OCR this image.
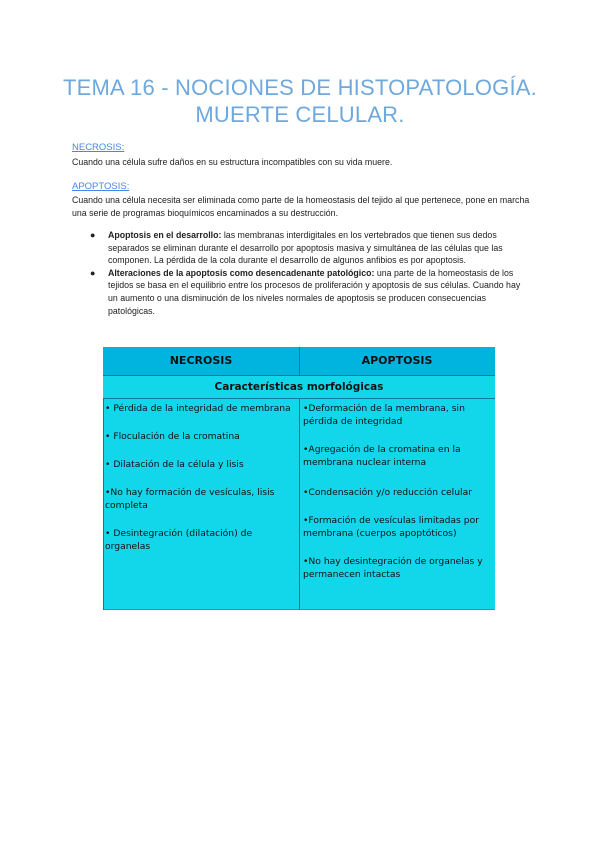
TEMA 16 - NOCIONES DE HISTOPATOLOGÍA.
MUERTE CELULAR.
NECROSIS:
Cuando una célula sufre daños en su estructura incompatibles con su vida muere.
APOPTOSIS:
Cuando una célula necesita ser eliminada como parte de la homeostasis del tejido al que pertenece, pone en marcha una serie de programas bioquímicos encaminados a su destrucción.
● Apoptosis en el desarrollo: las membranas interdigitales en los vertebrados que tienen sus dedos separados se eliminan durante el desarrollo por apoptosis masiva y simultánea de las células que las componen. La pérdida de la cola durante el desarrollo de algunos anfibios es por apoptosis.
● Alteraciones de la apoptosis como desencadenante patológico: una parte de la homeostasis de los tejidos se basa en el equilibrio entre los procesos de proliferación y apoptosis de sus células. Cuando hay un aumento o una disminución de los niveles normales de apoptosis se producen consecuencias patológicas.
NECROSIS	APOPTOSIS
Características morfológicas
• Pérdida de la integridad de membrana
• Floculación de la cromatina
• Dilatación de la célula y lisis
•No hay formación de vesículas, lisis completa
• Desintegración (dilatación) de organelas
•Deformación de la membrana, sin pérdida de integridad
•Agregación de la cromatina en la membrana nuclear interna
•Condensación y/o reducción celular
•Formación de vesículas limitadas por membrana (cuerpos apoptóticos)
•No hay desintegración de organelas y permanecen intactas
